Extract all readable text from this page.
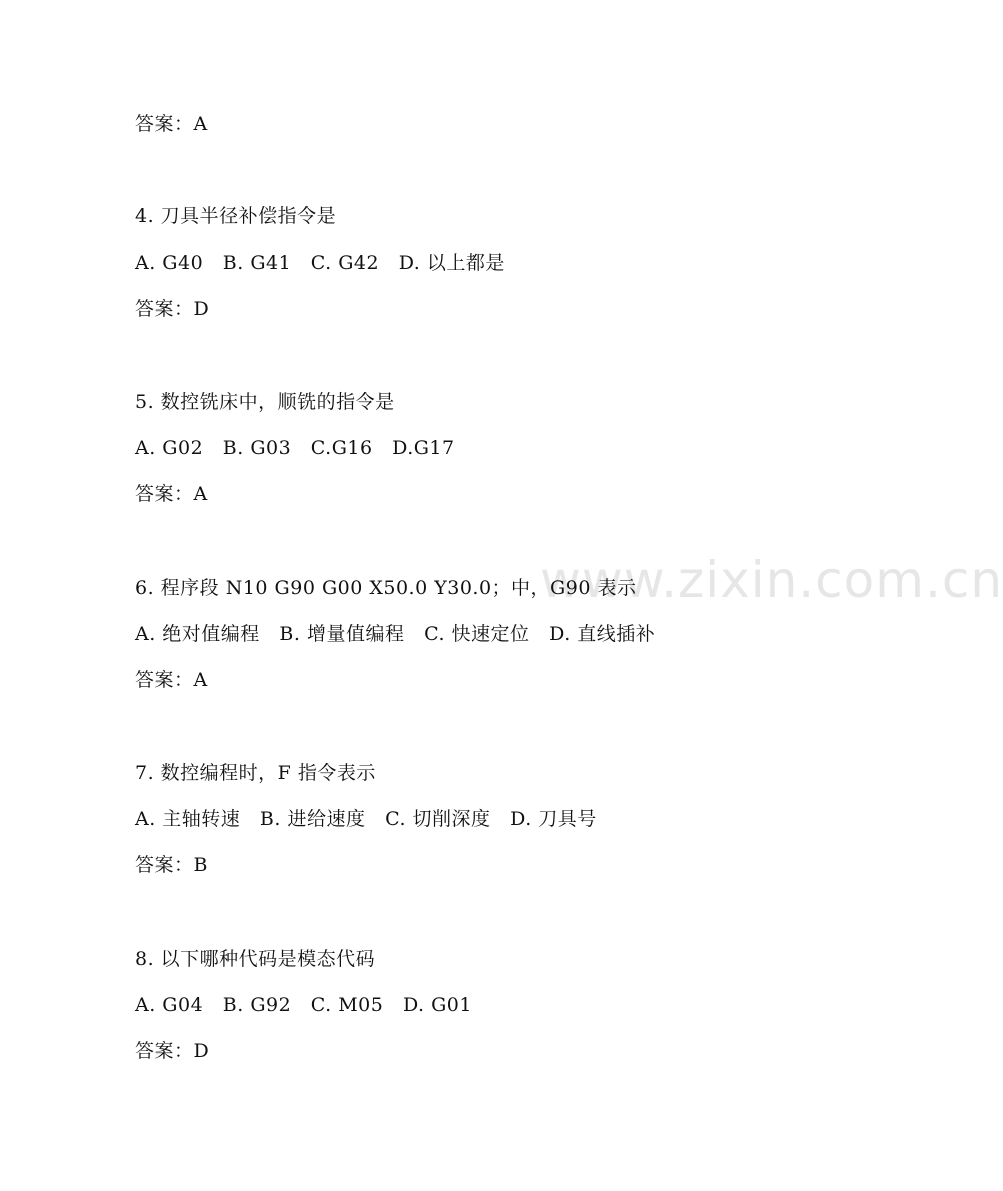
www.zixin.com.cn
答案：A
4. 刀具半径补偿指令是
A. G40   B. G41   C. G42   D. 以上都是
答案：D
5. 数控铣床中，顺铣的指令是
A. G02   B. G03   C.G16   D.G17
答案：A
6. 程序段 N10 G90 G00 X50.0 Y30.0；中，G90 表示
A. 绝对值编程   B. 增量值编程   C. 快速定位   D. 直线插补
答案：A
7. 数控编程时，F 指令表示
A. 主轴转速   B. 进给速度   C. 切削深度   D. 刀具号
答案：B
8. 以下哪种代码是模态代码
A. G04   B. G92   C. M05   D. G01
答案：D
